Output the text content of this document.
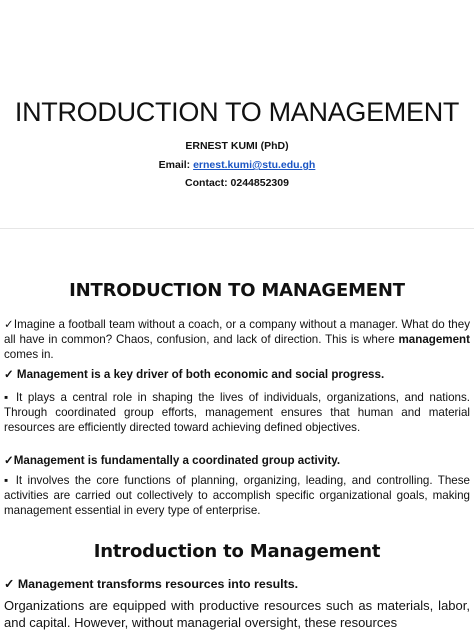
INTRODUCTION TO MANAGEMENT
ERNEST KUMI (PhD)
Email: ernest.kumi@stu.edu.gh
Contact: 0244852309
INTRODUCTION TO MANAGEMENT
✓Imagine a football team without a coach, or a company without a manager. What do they all have in common? Chaos, confusion, and lack of direction. This is where management comes in.
✓ Management is a key driver of both economic and social progress.
▪ It plays a central role in shaping the lives of individuals, organizations, and nations. Through coordinated group efforts, management ensures that human and material resources are efficiently directed toward achieving defined objectives.
✓Management is fundamentally a coordinated group activity.
▪ It involves the core functions of planning, organizing, leading, and controlling. These activities are carried out collectively to accomplish specific organizational goals, making management essential in every type of enterprise.
Introduction to Management
✓ Management transforms resources into results.
Organizations are equipped with productive resources such as materials, labor, and capital. However, without managerial oversight, these resources
